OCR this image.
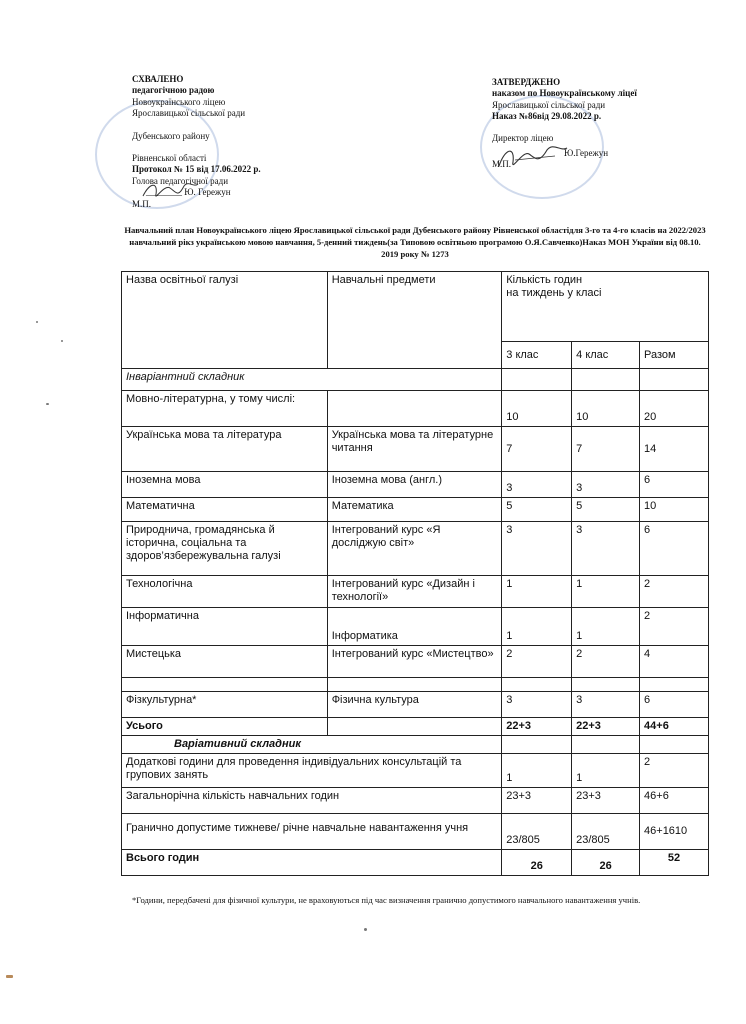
СХВАЛЕНО
педагогічною радою
Новоукраїнського ліцею
Ярославицької сільської ради
Дубенського району
Рівненської області
Протокол № 15 від 17.06.2022 р.
Голова педагогічної ради
________ Ю. Гережун
М.П.
ЗАТВЕРДЖЕНО
наказом по Новоукраїнському ліцеї
Ярославицької сільської ради
Наказ №86від 29.08.2022 р.
Директор ліцею
Ю.Гережун
М.П.
Навчальний план Новоукраїнського ліцею Ярославицької сільської ради Дубенського району Рівненської областідля 3-го та 4-го класів на 2022/2023 навчальний рікз українською мовою навчання, 5-денний тиждень(за Типовою освітньою програмою О.Я.Савченко)Наказ МОН України від 08.10. 2019 року № 1273
Назва освітньої галузі	Навчальні предмети	Кількість годин
на тиждень у класі		
		3 клас	4 клас	Разом
Інваріантний складник				
Мовно-літературна, у тому числі:		10	10	20
Українська мова та література	Українська мова та літературне читання	7	7	14
Іноземна мова	Іноземна мова (англ.)	3	3	6
Математична	Математика	5	5	10
Природнича, громадянська й історична, соціальна та здоров’язбережувальна галузі	Інтегрований курс «Я досліджую світ»	3	3	6
Технологічна	Інтегрований курс «Дизайн і технології»	1	1	2
Інформатична	Інформатика	1	1	2
Мистецька	Інтегрований курс «Мистецтво»	2	2	4

Фізкультурна*	Фізична культура	3	3	6
Усього		22+3	22+3	44+6
Варіативний складник				
Додаткові години для проведення індивідуальних консультацій та групових занять		1	1	2
Загальнорічна кількість навчальних годин		23+3	23+3	46+6
Гранично допустиме тижневе/ річне навчальне навантаження учня		23/805	23/805	46+1610
Всього годин		26	26	52
*Години, передбачені для фізичної культури, не враховуються під час визначення гранично допустимого навчального навантаження учнів.
